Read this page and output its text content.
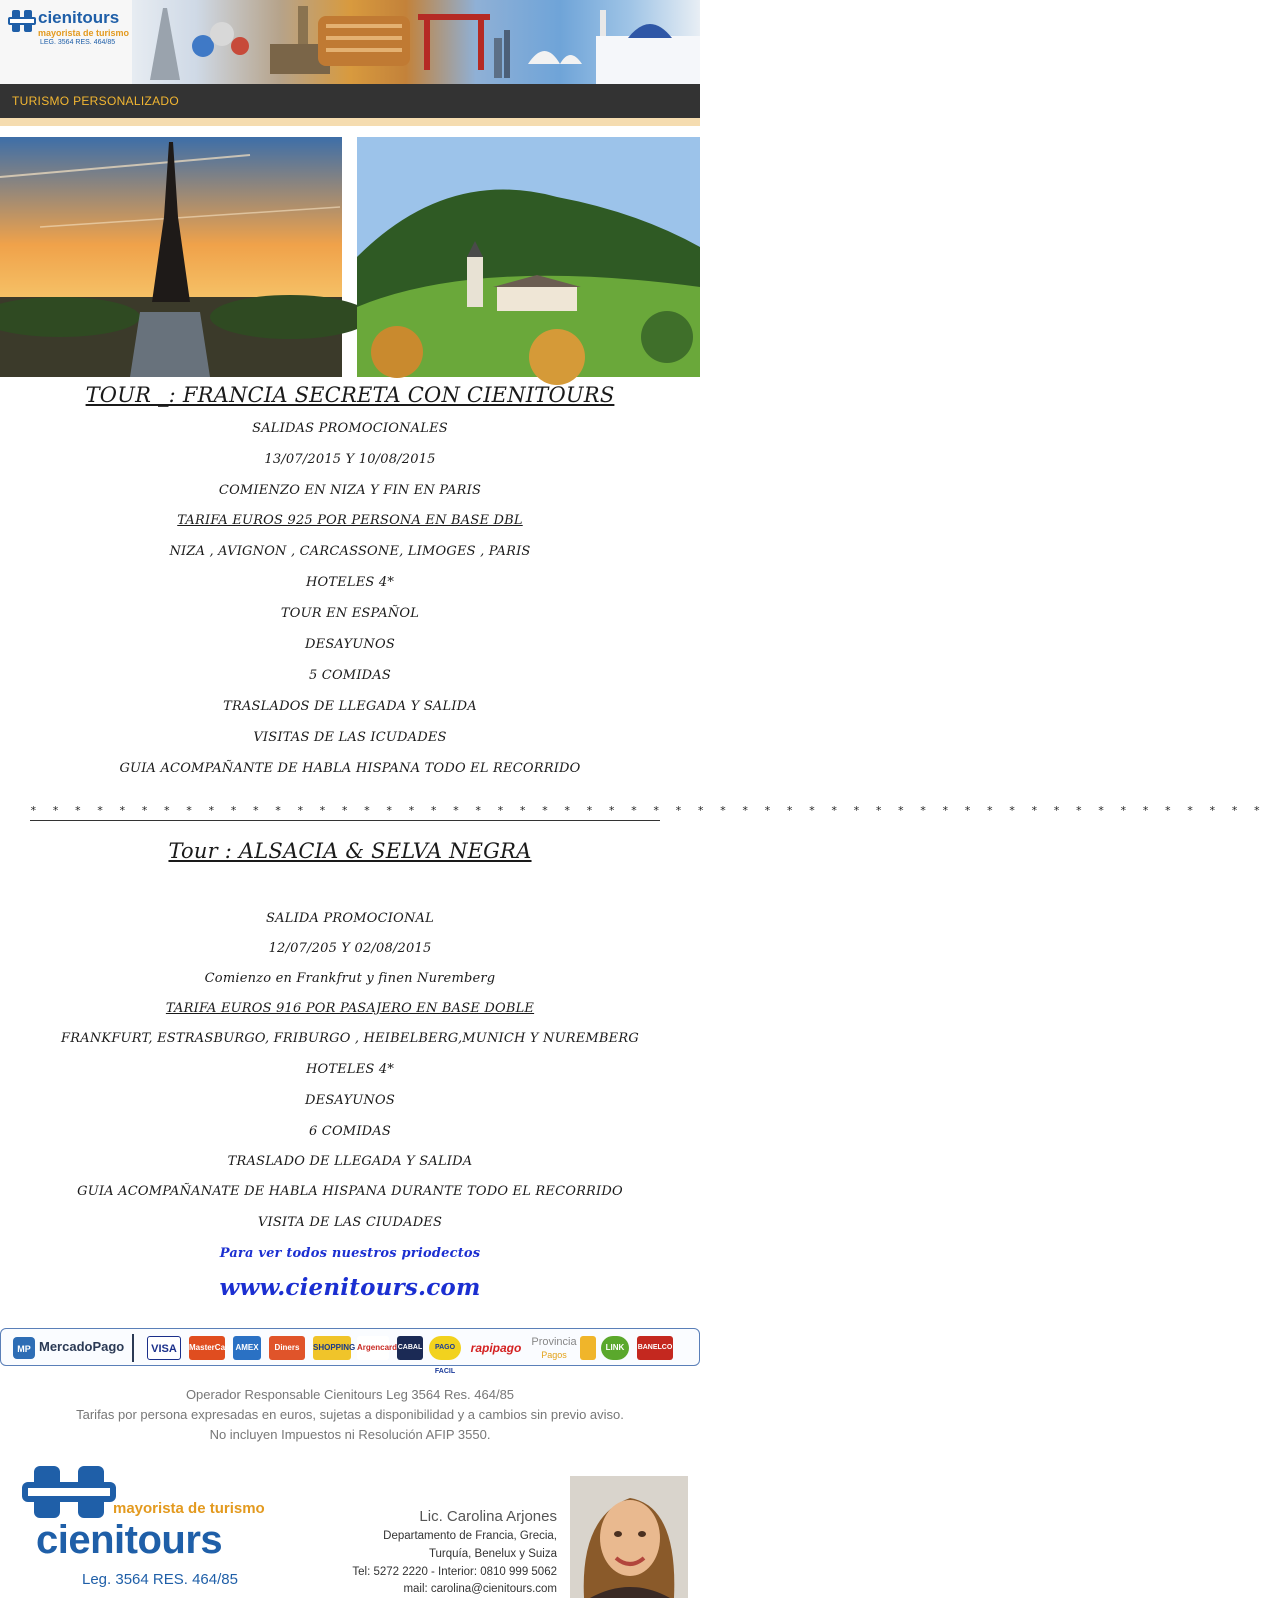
cienitours
mayorista de turismo
LEG. 3564 RES. 464/85
TURISMO PERSONALIZADO
TOUR _: FRANCIA SECRETA CON CIENITOURS
SALIDAS PROMOCIONALES
13/07/2015 Y 10/08/2015
COMIENZO EN NIZA Y FIN EN PARIS
TARIFA EUROS 925 POR PERSONA EN BASE DBL
NIZA , AVIGNON , CARCASSONE, LIMOGES , PARIS
HOTELES 4*
TOUR EN ESPAÑOL
DESAYUNOS
5 COMIDAS
TRASLADOS DE LLEGADA Y SALIDA
VISITAS DE LAS ICUDADES
GUIA ACOMPAÑANTE DE HABLA HISPANA TODO EL RECORRIDO
* * * * * * * * * * * * * * * * * * * * * * * * * * * * * * * * * * * * * * * * * * * * * * * * * * * * * * * *
Tour : ALSACIA & SELVA NEGRA
SALIDA PROMOCIONAL
12/07/205 Y 02/08/2015
Comienzo en Frankfrut y finen Nuremberg
TARIFA EUROS 916 POR PASAJERO EN BASE DOBLE
FRANKFURT, ESTRASBURGO, FRIBURGO , HEIBELBERG,MUNICH Y NUREMBERG
HOTELES 4*
DESAYUNOS
6 COMIDAS
TRASLADO DE LLEGADA Y SALIDA
GUIA ACOMPAÑANATE DE HABLA HISPANA DURANTE TODO EL RECORRIDO
VISITA DE LAS CIUDADES
Para ver todos nuestros priodectos
www.cienitours.com
MP MercadoPago	VISA	MasterCard AMEX	Diners	SHOPPING Argencard CABAL	PAGO FACIL
rapipago Provincia
Pagos
LINK	BANELCO
Operador Responsable Cienitours Leg 3564 Res. 464/85
Tarifas por persona expresadas en euros, sujetas a disponibilidad y a cambios sin previo aviso.
No incluyen Impuestos ni Resolución AFIP 3550.
mayorista de turismo
cienitours
Leg. 3564 RES. 464/85
Lic. Carolina Arjones
Departamento de Francia, Grecia,
Turquía, Benelux y Suiza
Tel: 5272 2220 - Interior: 0810 999 5062
mail: carolina@cienitours.com
